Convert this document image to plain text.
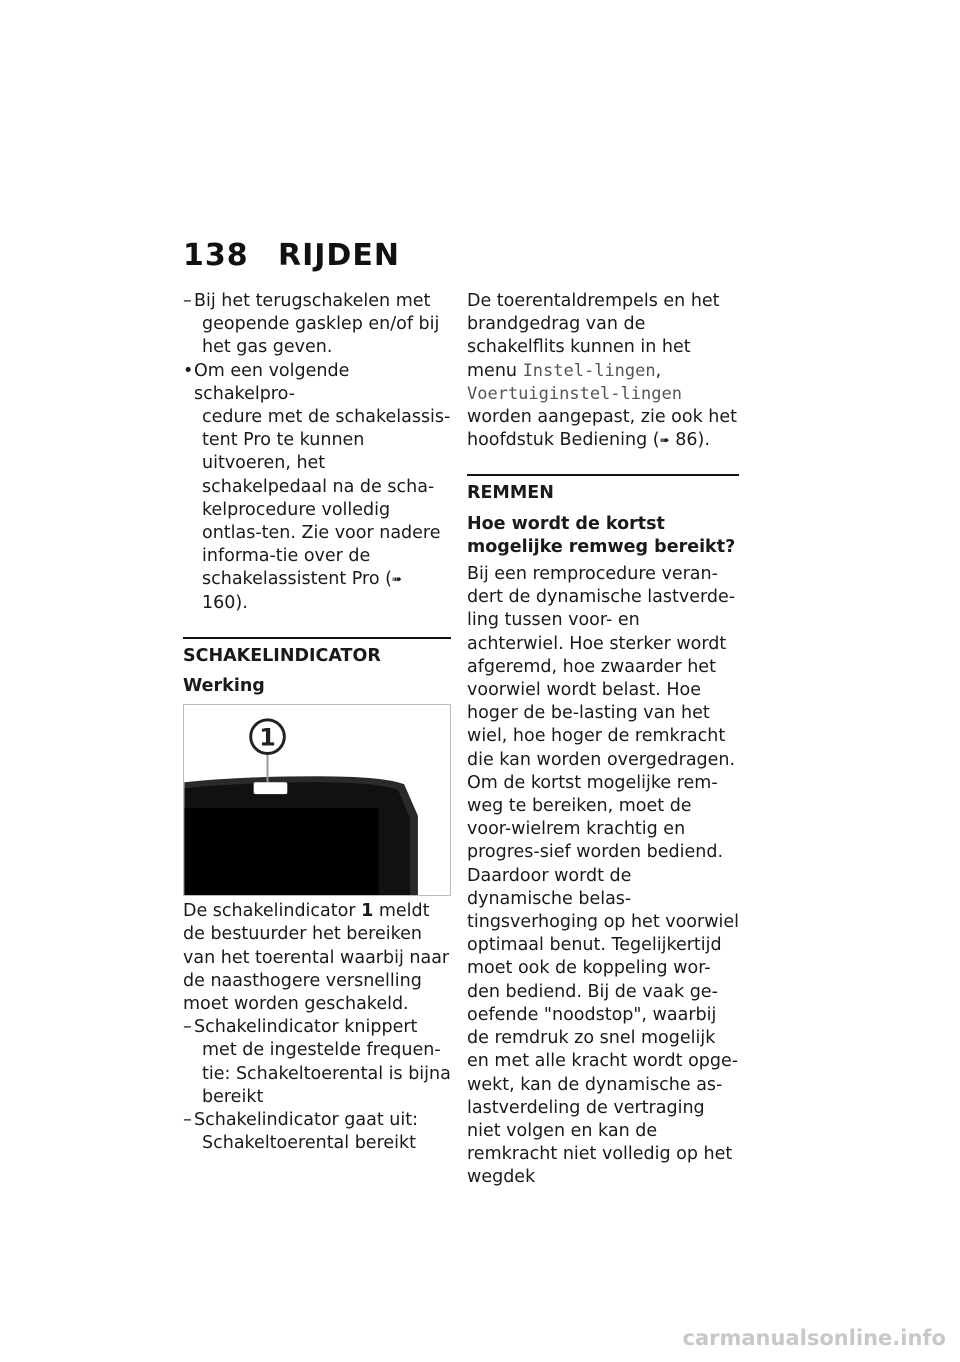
138 RIJDEN

– Bij het terugschakelen met
geopende gasklep en/of bij het gas geven.

• Om een volgende schakelpro-
cedure met de schakelassis-tent Pro te kunnen uitvoeren, het schakelpedaal na de scha-kelprocedure volledig ontlas-ten. Zie voor nadere informa-tie over de schakelassistent Pro (➠ 160).

SCHAKELINDICATOR

Werking

1

De schakelindicator 1 meldt de bestuurder het bereiken van het toerental waarbij naar de naasthogere versnelling moet worden geschakeld.

– Schakelindicator knippert
met de ingestelde frequen-tie: Schakeltoerental is bijna bereikt

– Schakelindicator gaat uit:
Schakeltoerental bereikt

De toerentaldrempels en het brandgedrag van de schakelflits kunnen in het menu Instel-lingen, Voertuiginstel-lingen worden aangepast, zie ook het hoofdstuk Bediening (➠ 86).

REMMEN

Hoe wordt de kortst mogelijke remweg bereikt?

Bij een remprocedure veran-dert de dynamische lastverde-ling tussen voor- en achterwiel. Hoe sterker wordt afgeremd, hoe zwaarder het voorwiel wordt belast. Hoe hoger de be-lasting van het wiel, hoe hoger de remkracht die kan worden overgedragen.

Om de kortst mogelijke rem-weg te bereiken, moet de voor-wielrem krachtig en progres-sief worden bediend. Daardoor wordt de dynamische belas-tingsverhoging op het voorwiel optimaal benut. Tegelijkertijd moet ook de koppeling wor-den bediend. Bij de vaak ge-oefende "noodstop", waarbij de remdruk zo snel mogelijk en met alle kracht wordt opge-wekt, kan de dynamische as-lastverdeling de vertraging niet volgen en kan de remkracht niet volledig op het wegdek

carmanualsonline.info
